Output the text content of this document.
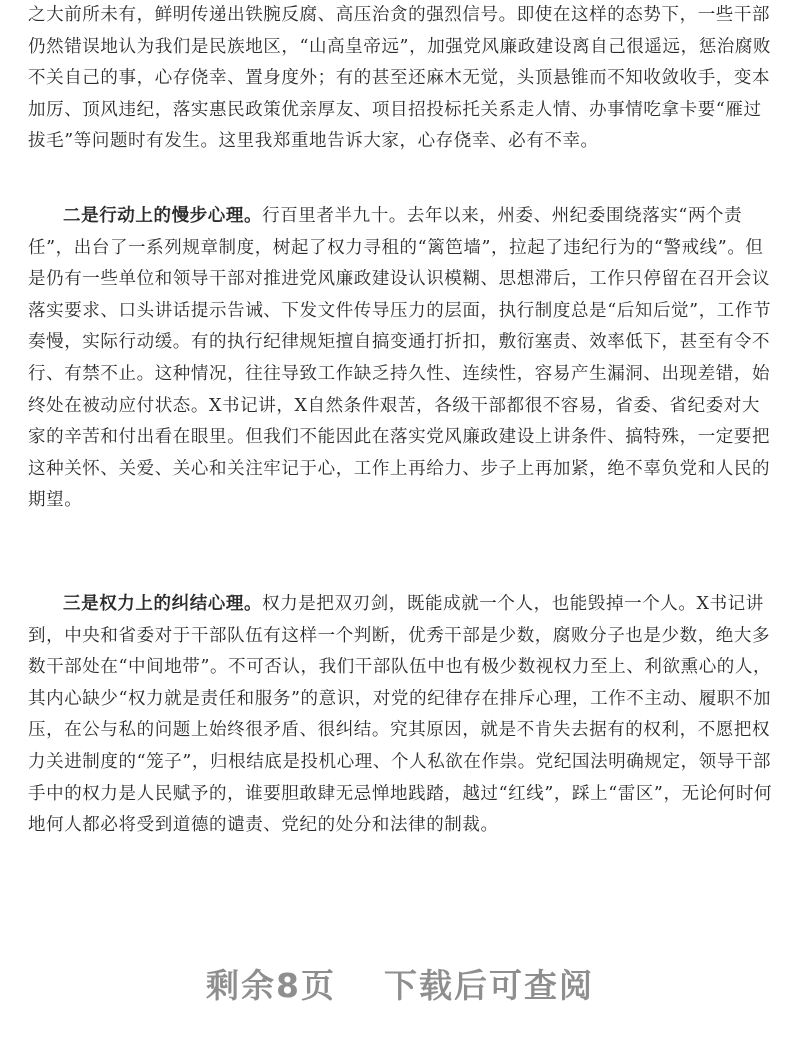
之大前所未有，鲜明传递出铁腕反腐、高压治贪的强烈信号。即使在这样的态势下，一些干部仍然错误地认为我们是民族地区，“山高皇帝远”，加强党风廉政建设离自己很遥远，惩治腐败不关自己的事，心存侥幸、置身度外；有的甚至还麻木无觉，头顶悬锥而不知收敛收手，变本加厉、顶风违纪，落实惠民政策优亲厚友、项目招投标托关系走人情、办事情吃拿卡要“雁过拔毛”等问题时有发生。这里我郑重地告诉大家，心存侥幸、必有不幸。

二是行动上的慢步心理。行百里者半九十。去年以来，州委、州纪委围绕落实“两个责任”，出台了一系列规章制度，树起了权力寻租的“篱笆墙”，拉起了违纪行为的“警戒线”。但是仍有一些单位和领导干部对推进党风廉政建设认识模糊、思想滞后，工作只停留在召开会议落实要求、口头讲话提示告诫、下发文件传导压力的层面，执行制度总是“后知后觉”，工作节奏慢，实际行动缓。有的执行纪律规矩擅自搞变通打折扣，敷衍塞责、效率低下，甚至有令不行、有禁不止。这种情况，往往导致工作缺乏持久性、连续性，容易产生漏洞、出现差错，始终处在被动应付状态。X书记讲，X自然条件艰苦，各级干部都很不容易，省委、省纪委对大家的辛苦和付出看在眼里。但我们不能因此在落实党风廉政建设上讲条件、搞特殊，一定要把这种关怀、关爱、关心和关注牢记于心，工作上再给力、步子上再加紧，绝不辜负党和人民的期望。

三是权力上的纠结心理。权力是把双刃剑，既能成就一个人，也能毁掉一个人。X书记讲到，中央和省委对于干部队伍有这样一个判断，优秀干部是少数，腐败分子也是少数，绝大多数干部处在“中间地带”。不可否认，我们干部队伍中也有极少数视权力至上、利欲熏心的人，其内心缺少“权力就是责任和服务”的意识，对党的纪律存在排斥心理，工作不主动、履职不加压，在公与私的问题上始终很矛盾、很纠结。究其原因，就是不肯失去据有的权利，不愿把权力关进制度的“笼子”，归根结底是投机心理、个人私欲在作祟。党纪国法明确规定，领导干部手中的权力是人民赋予的，谁要胆敢肆无忌惮地践踏，越过“红线”，踩上“雷区”，无论何时何地何人都必将受到道德的谴责、党纪的处分和法律的制裁。

剩余8页 下载后可查阅
